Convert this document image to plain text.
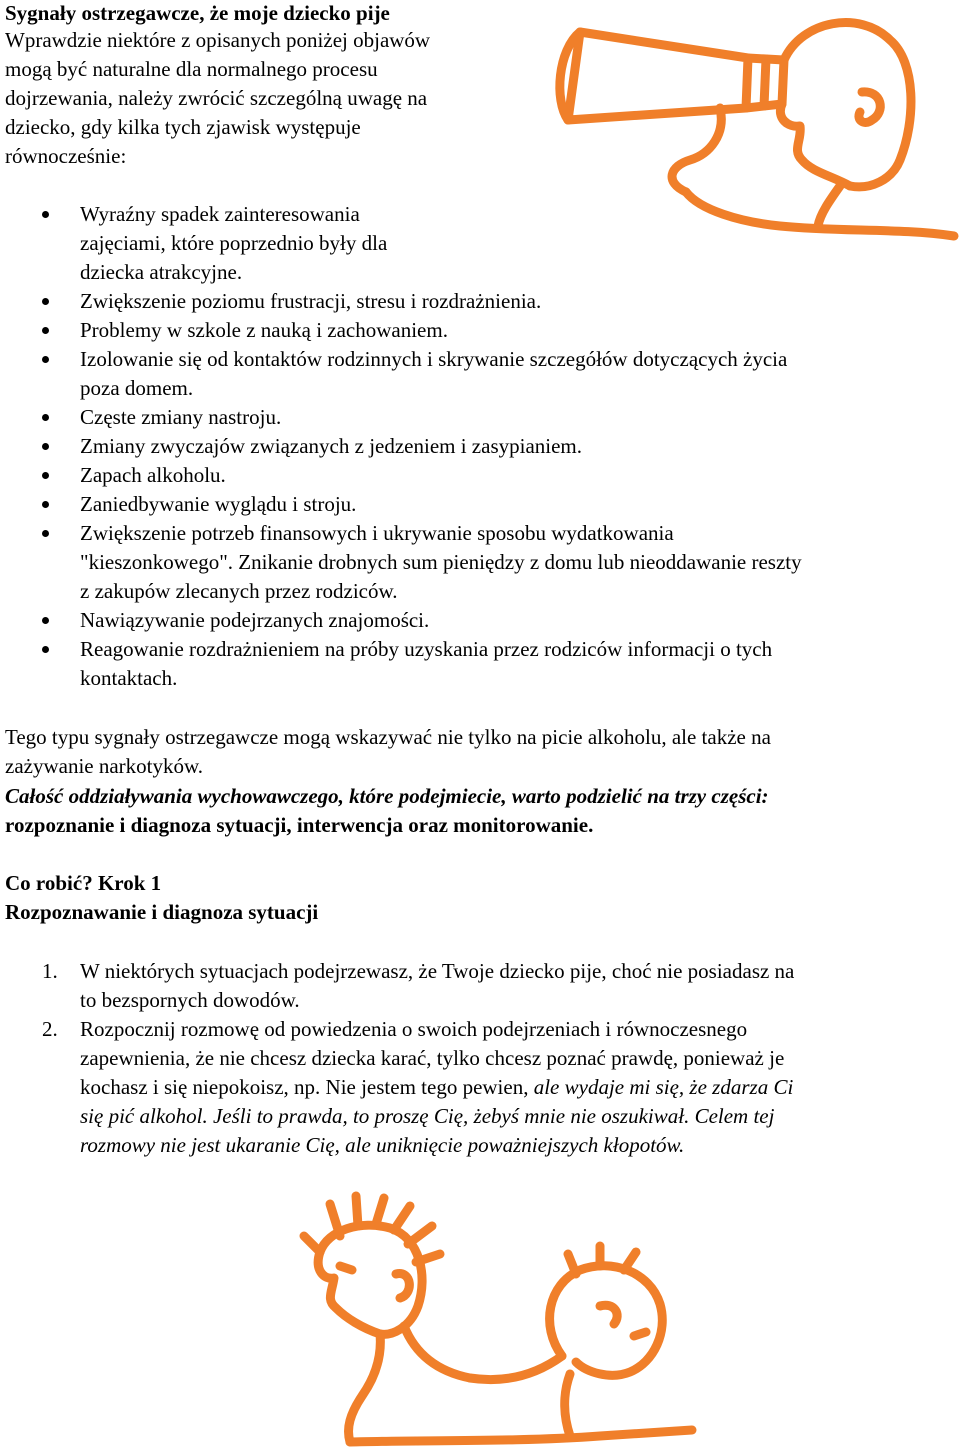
Sygnały ostrzegawcze, że moje dziecko pije

Wprawdzie niektóre z opisanych poniżej objawów

mogą być naturalne dla normalnego procesu

dojrzewania, należy zwrócić szczególną uwagę na

dziecko, gdy kilka tych zjawisk występuje

równocześnie:

Wyraźny spadek zainteresowania

zajęciami, które poprzednio były dla

dziecka atrakcyjne.

Zwiększenie poziomu frustracji, stresu i rozdrażnienia.

Problemy w szkole z nauką i zachowaniem.

Izolowanie się od kontaktów rodzinnych i skrywanie szczegółów dotyczących życia

poza domem.

Częste zmiany nastroju.

Zmiany zwyczajów związanych z jedzeniem i zasypianiem.

Zapach alkoholu.

Zaniedbywanie wyglądu i stroju.

Zwiększenie potrzeb finansowych i ukrywanie sposobu wydatkowania

"kieszonkowego". Znikanie drobnych sum pieniędzy z domu lub nieoddawanie reszty

z zakupów zlecanych przez rodziców.

Nawiązywanie podejrzanych znajomości.

Reagowanie rozdrażnieniem na próby uzyskania przez rodziców informacji o tych

kontaktach.

Tego typu sygnały ostrzegawcze mogą wskazywać nie tylko na picie alkoholu, ale także na

zażywanie narkotyków.

Całość oddziaływania wychowawczego, które podejmiecie, warto podzielić na trzy części:

rozpoznanie i diagnoza sytuacji, interwencja oraz monitorowanie.

Co robić? Krok 1

Rozpoznawanie i diagnoza sytuacji

1. W niektórych sytuacjach podejrzewasz, że Twoje dziecko pije, choć nie posiadasz na

to bezspornych dowodów.

2. Rozpocznij rozmowę od powiedzenia o swoich podejrzeniach i równoczesnego

zapewnienia, że nie chcesz dziecka karać, tylko chcesz poznać prawdę, ponieważ je

kochasz i się niepokoisz, np. Nie jestem tego pewien, ale wydaje mi się, że zdarza Ci

się pić alkohol. Jeśli to prawda, to proszę Cię, żebyś mnie nie oszukiwał. Celem tej

rozmowy nie jest ukaranie Cię, ale uniknięcie poważniejszych kłopotów.
